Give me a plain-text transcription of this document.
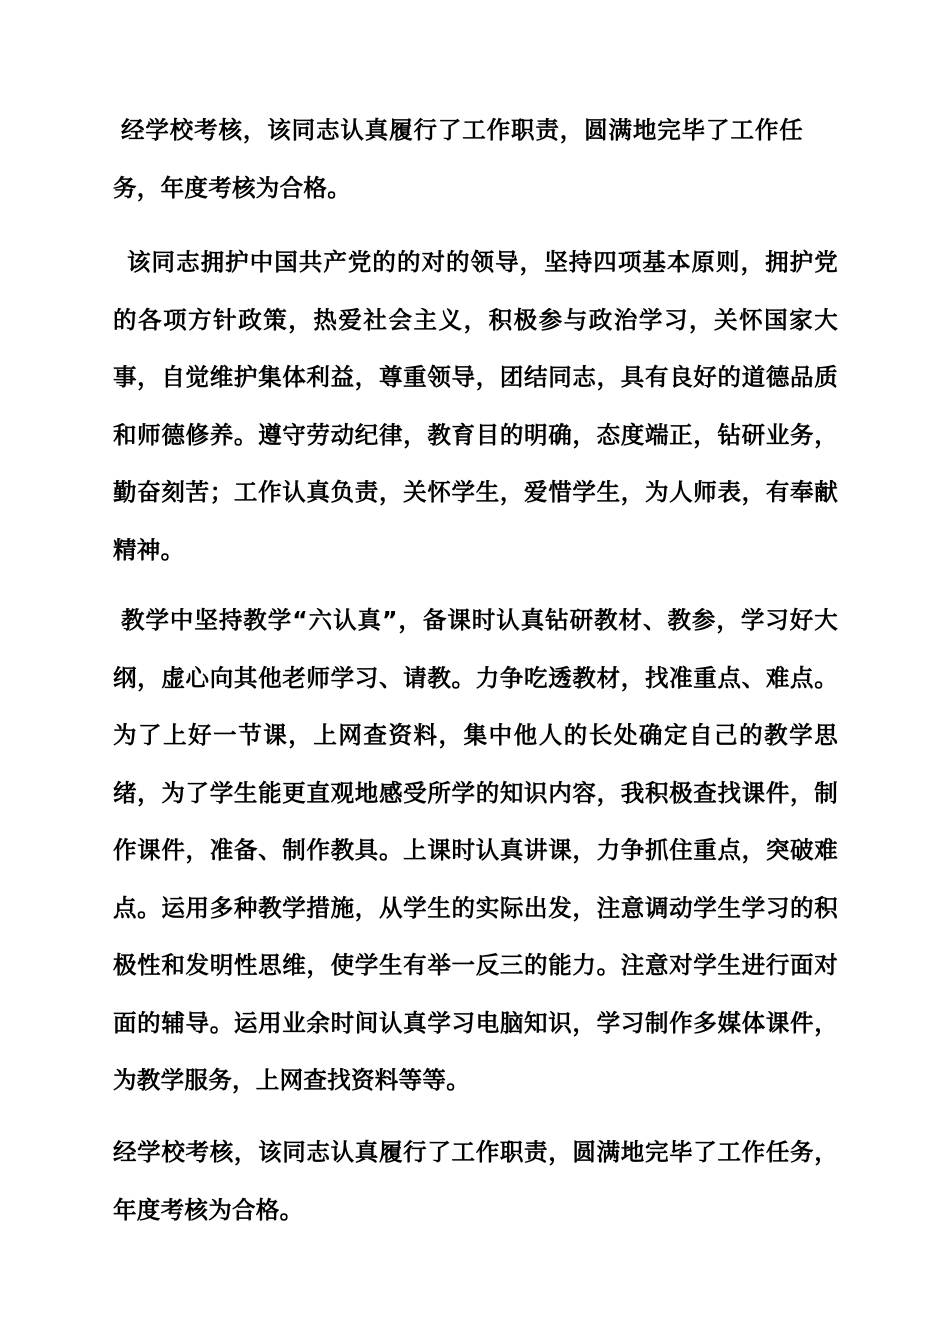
经学校考核，该同志认真履行了工作职责，圆满地完毕了工作任务，年度考核为合格。

该同志拥护中国共产党的的对的领导，坚持四项基本原则，拥护党的各项方针政策，热爱社会主义，积极参与政治学习，关怀国家大事，自觉维护集体利益，尊重领导，团结同志，具有良好的道德品质和师德修养。遵守劳动纪律，教育目的明确，态度端正，钻研业务，勤奋刻苦；工作认真负责，关怀学生，爱惜学生，为人师表，有奉献精神。

教学中坚持教学“六认真”，备课时认真钻研教材、教参，学习好大纲，虚心向其他老师学习、请教。力争吃透教材，找准重点、难点。为了上好一节课，上网查资料，集中他人的长处确定自己的教学思绪，为了学生能更直观地感受所学的知识内容，我积极查找课件，制作课件，准备、制作教具。上课时认真讲课，力争抓住重点，突破难点。运用多种教学措施，从学生的实际出发，注意调动学生学习的积极性和发明性思维，使学生有举一反三的能力。注意对学生进行面对面的辅导。运用业余时间认真学习电脑知识，学习制作多媒体课件，为教学服务，上网查找资料等等。

经学校考核，该同志认真履行了工作职责，圆满地完毕了工作任务，年度考核为合格。
